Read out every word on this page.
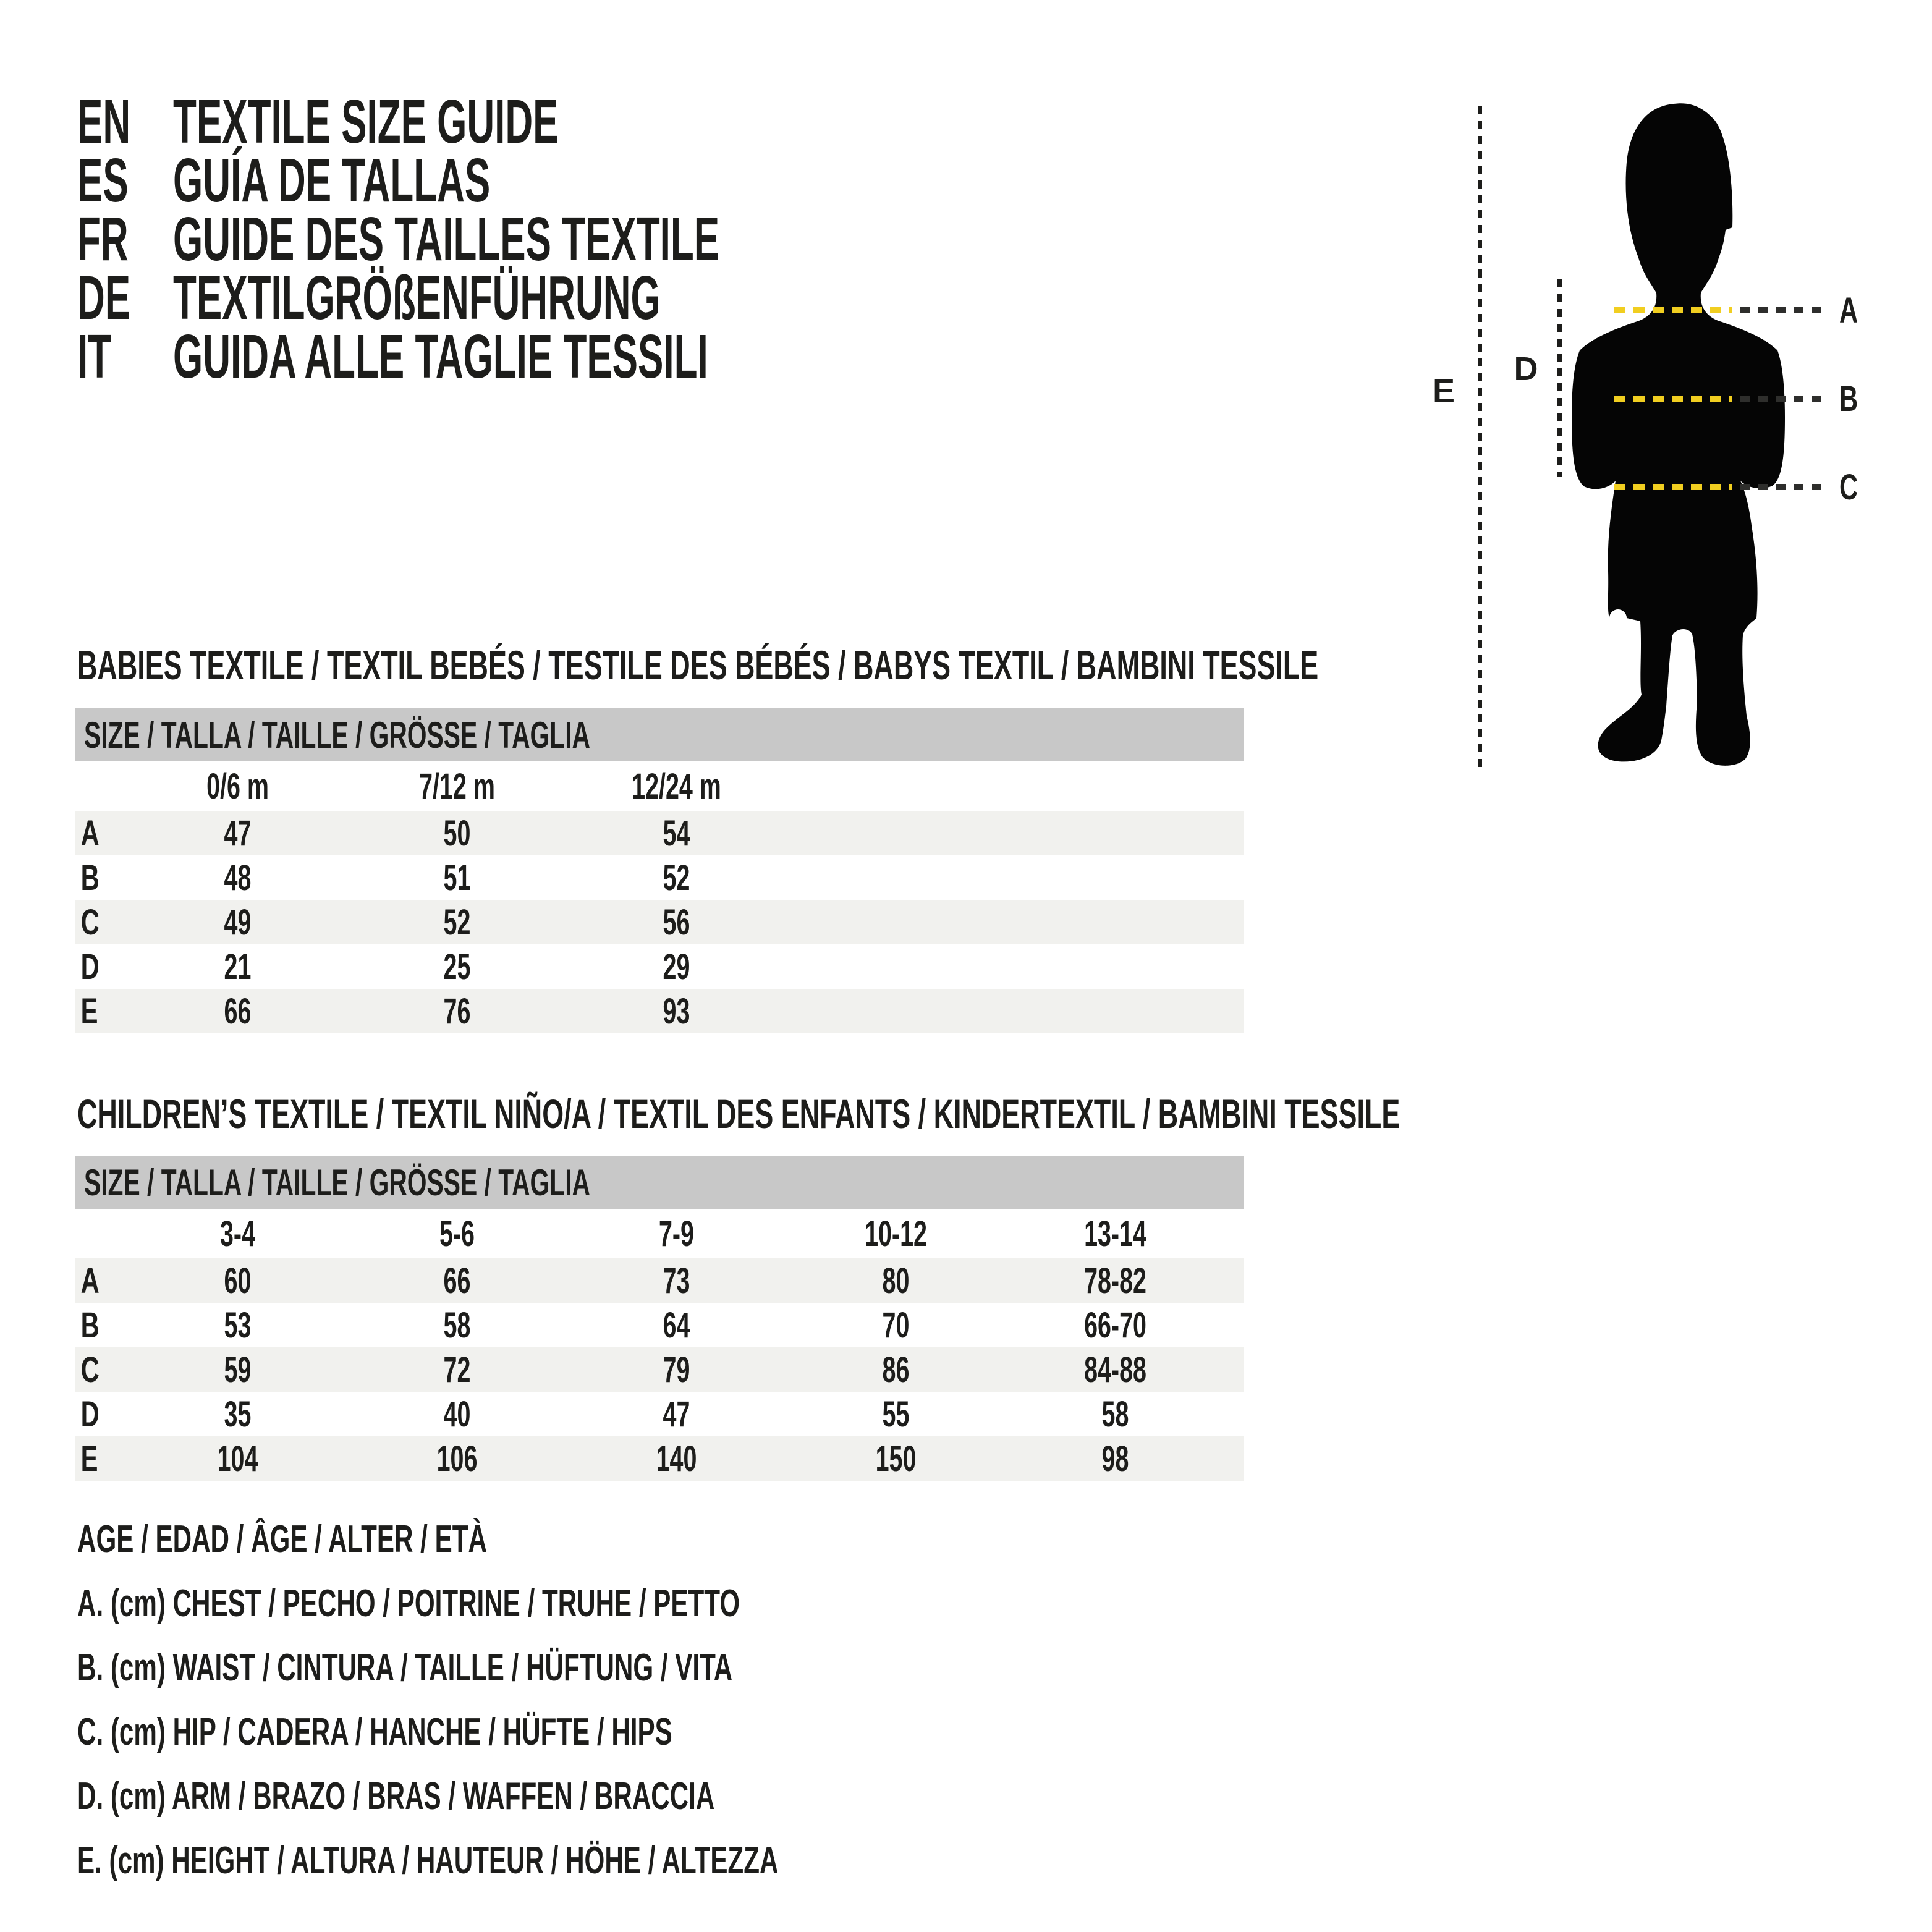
EN TEXTILE SIZE GUIDE
ES GUÍA DE TALLAS
FR GUIDE DES TAILLES TEXTILE
DE TEXTILGRÖßENFÜHRUNG
IT GUIDA ALLE TAGLIE TESSILI	E
D
A
B
C
BABIES TEXTILE / TEXTIL BEBÉS / TESTILE DES BÉBÉS / BABYS TEXTIL / BAMBINI TESSILE
SIZE / TALLA / TAILLE / GRÖSSE / TAGLIA
0/6 m	7/12 m	12/24 m
A	47	50	54
B	48	51	52
C	49	52	56
D	21	25	29
E	66	76	93
CHILDREN’S TEXTILE / TEXTIL NIÑO/A / TEXTIL DES ENFANTS / KINDERTEXTIL / BAMBINI TESSILE
SIZE / TALLA / TAILLE / GRÖSSE / TAGLIA
3-4	5-6	7-9	10-12	13-14
A	60	66	73	80	78-82
B	53	58	64	70	66-70
C	59	72	79	86	84-88
D	35	40	47	55	58
E	104	106	140	150	98
AGE / EDAD / ÂGE / ALTER / ETÀ
A. (cm) CHEST / PECHO / POITRINE / TRUHE / PETTO
B. (cm) WAIST / CINTURA / TAILLE / HÜFTUNG / VITA
C. (cm) HIP / CADERA / HANCHE / HÜFTE / HIPS
D. (cm) ARM / BRAZO / BRAS / WAFFEN / BRACCIA
E. (cm) HEIGHT / ALTURA / HAUTEUR / HÖHE / ALTEZZA
